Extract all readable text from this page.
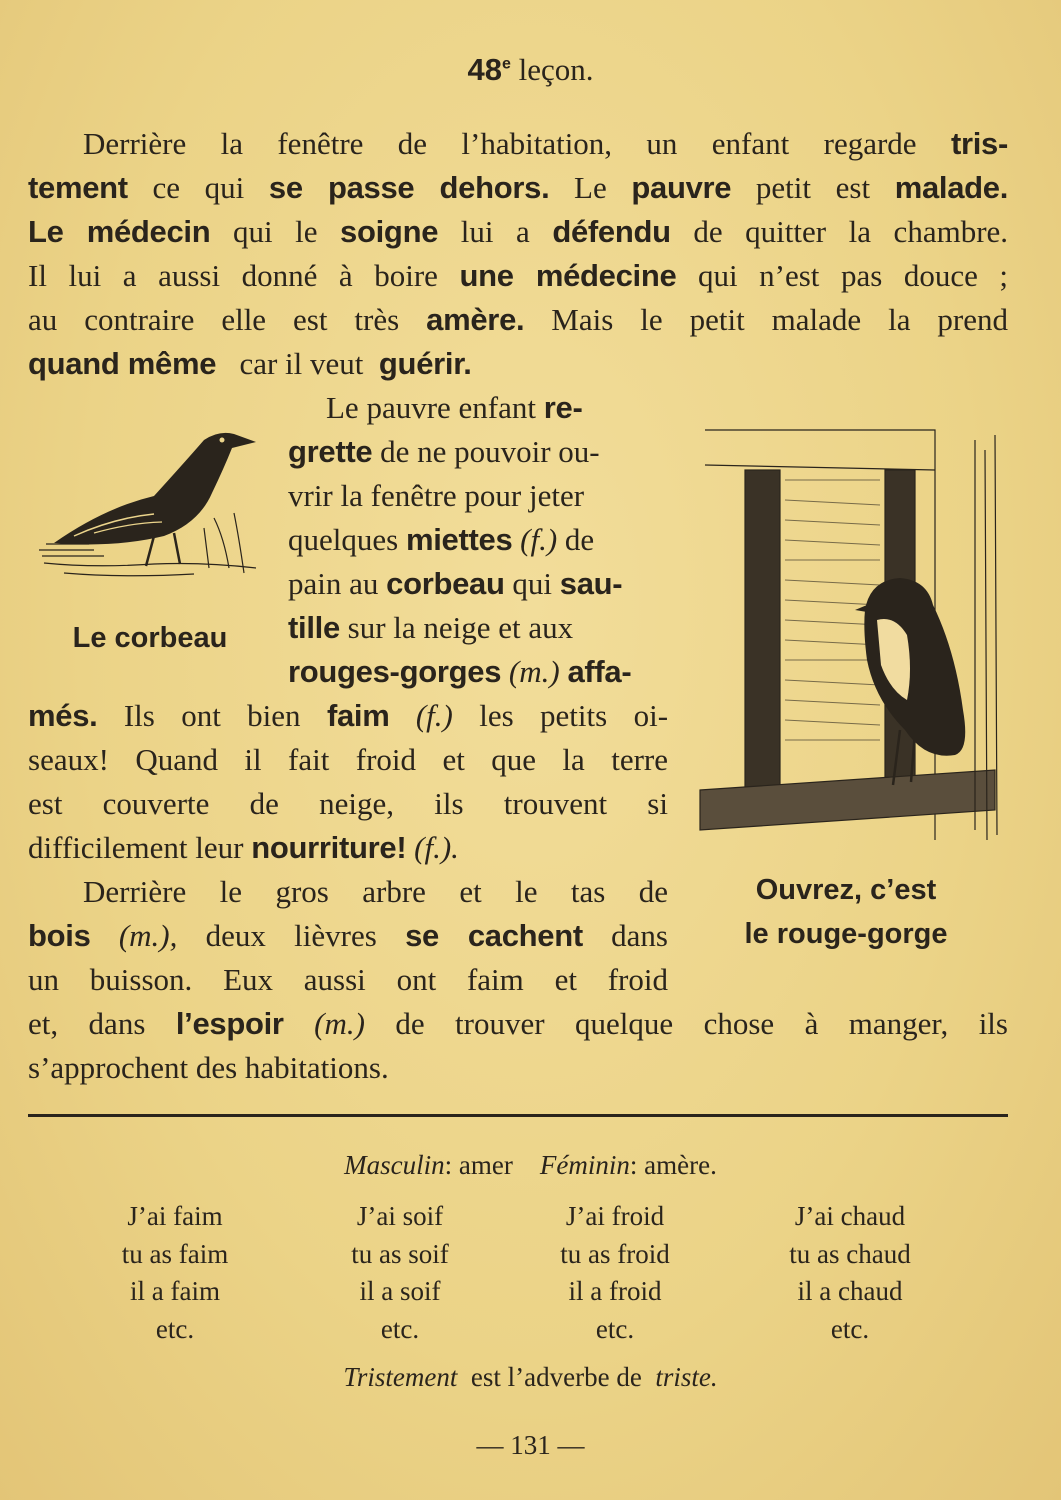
48e leçon.
Derrière la fenêtre de l’habitation, un enfant regarde tris-
tement ce qui se passe dehors. Le pauvre petit est malade.
Le médecin qui le soigne lui a défendu de quitter la chambre.
Il lui a aussi donné à boire une médecine qui n’est pas douce ;
au contraire elle est très amère. Mais le petit malade la prend
quand même car il veut guérir.
Le corbeau
Ouvrez, c’est
le rouge-gorge
Le pauvre enfant re-
grette de ne pouvoir ou-
vrir la fenêtre pour jeter
quelques miettes (f.) de
pain au corbeau qui sau-
tille sur la neige et aux
rouges-gorges (m.) affa-
més. Ils ont bien faim (f.) les petits oi-
seaux! Quand il fait froid et que la terre
est couverte de neige, ils trouvent si
difficilement leur nourriture! (f.).
Derrière le gros arbre et le tas de
bois (m.), deux lièvres se cachent dans
un buisson. Eux aussi ont faim et froid
et, dans l’espoir (m.) de trouver quelque chose à manger, ils
s’approchent des habitations.
Masculin: amer Féminin: amère.
J’ai faim
tu as faim
il a faim
etc.
J’ai soif
tu as soif
il a soif
etc.
J’ai froid
tu as froid
il a froid
etc.
J’ai chaud
tu as chaud
il a chaud
etc.
Tristement est l’adverbe de triste.
— 131 —
